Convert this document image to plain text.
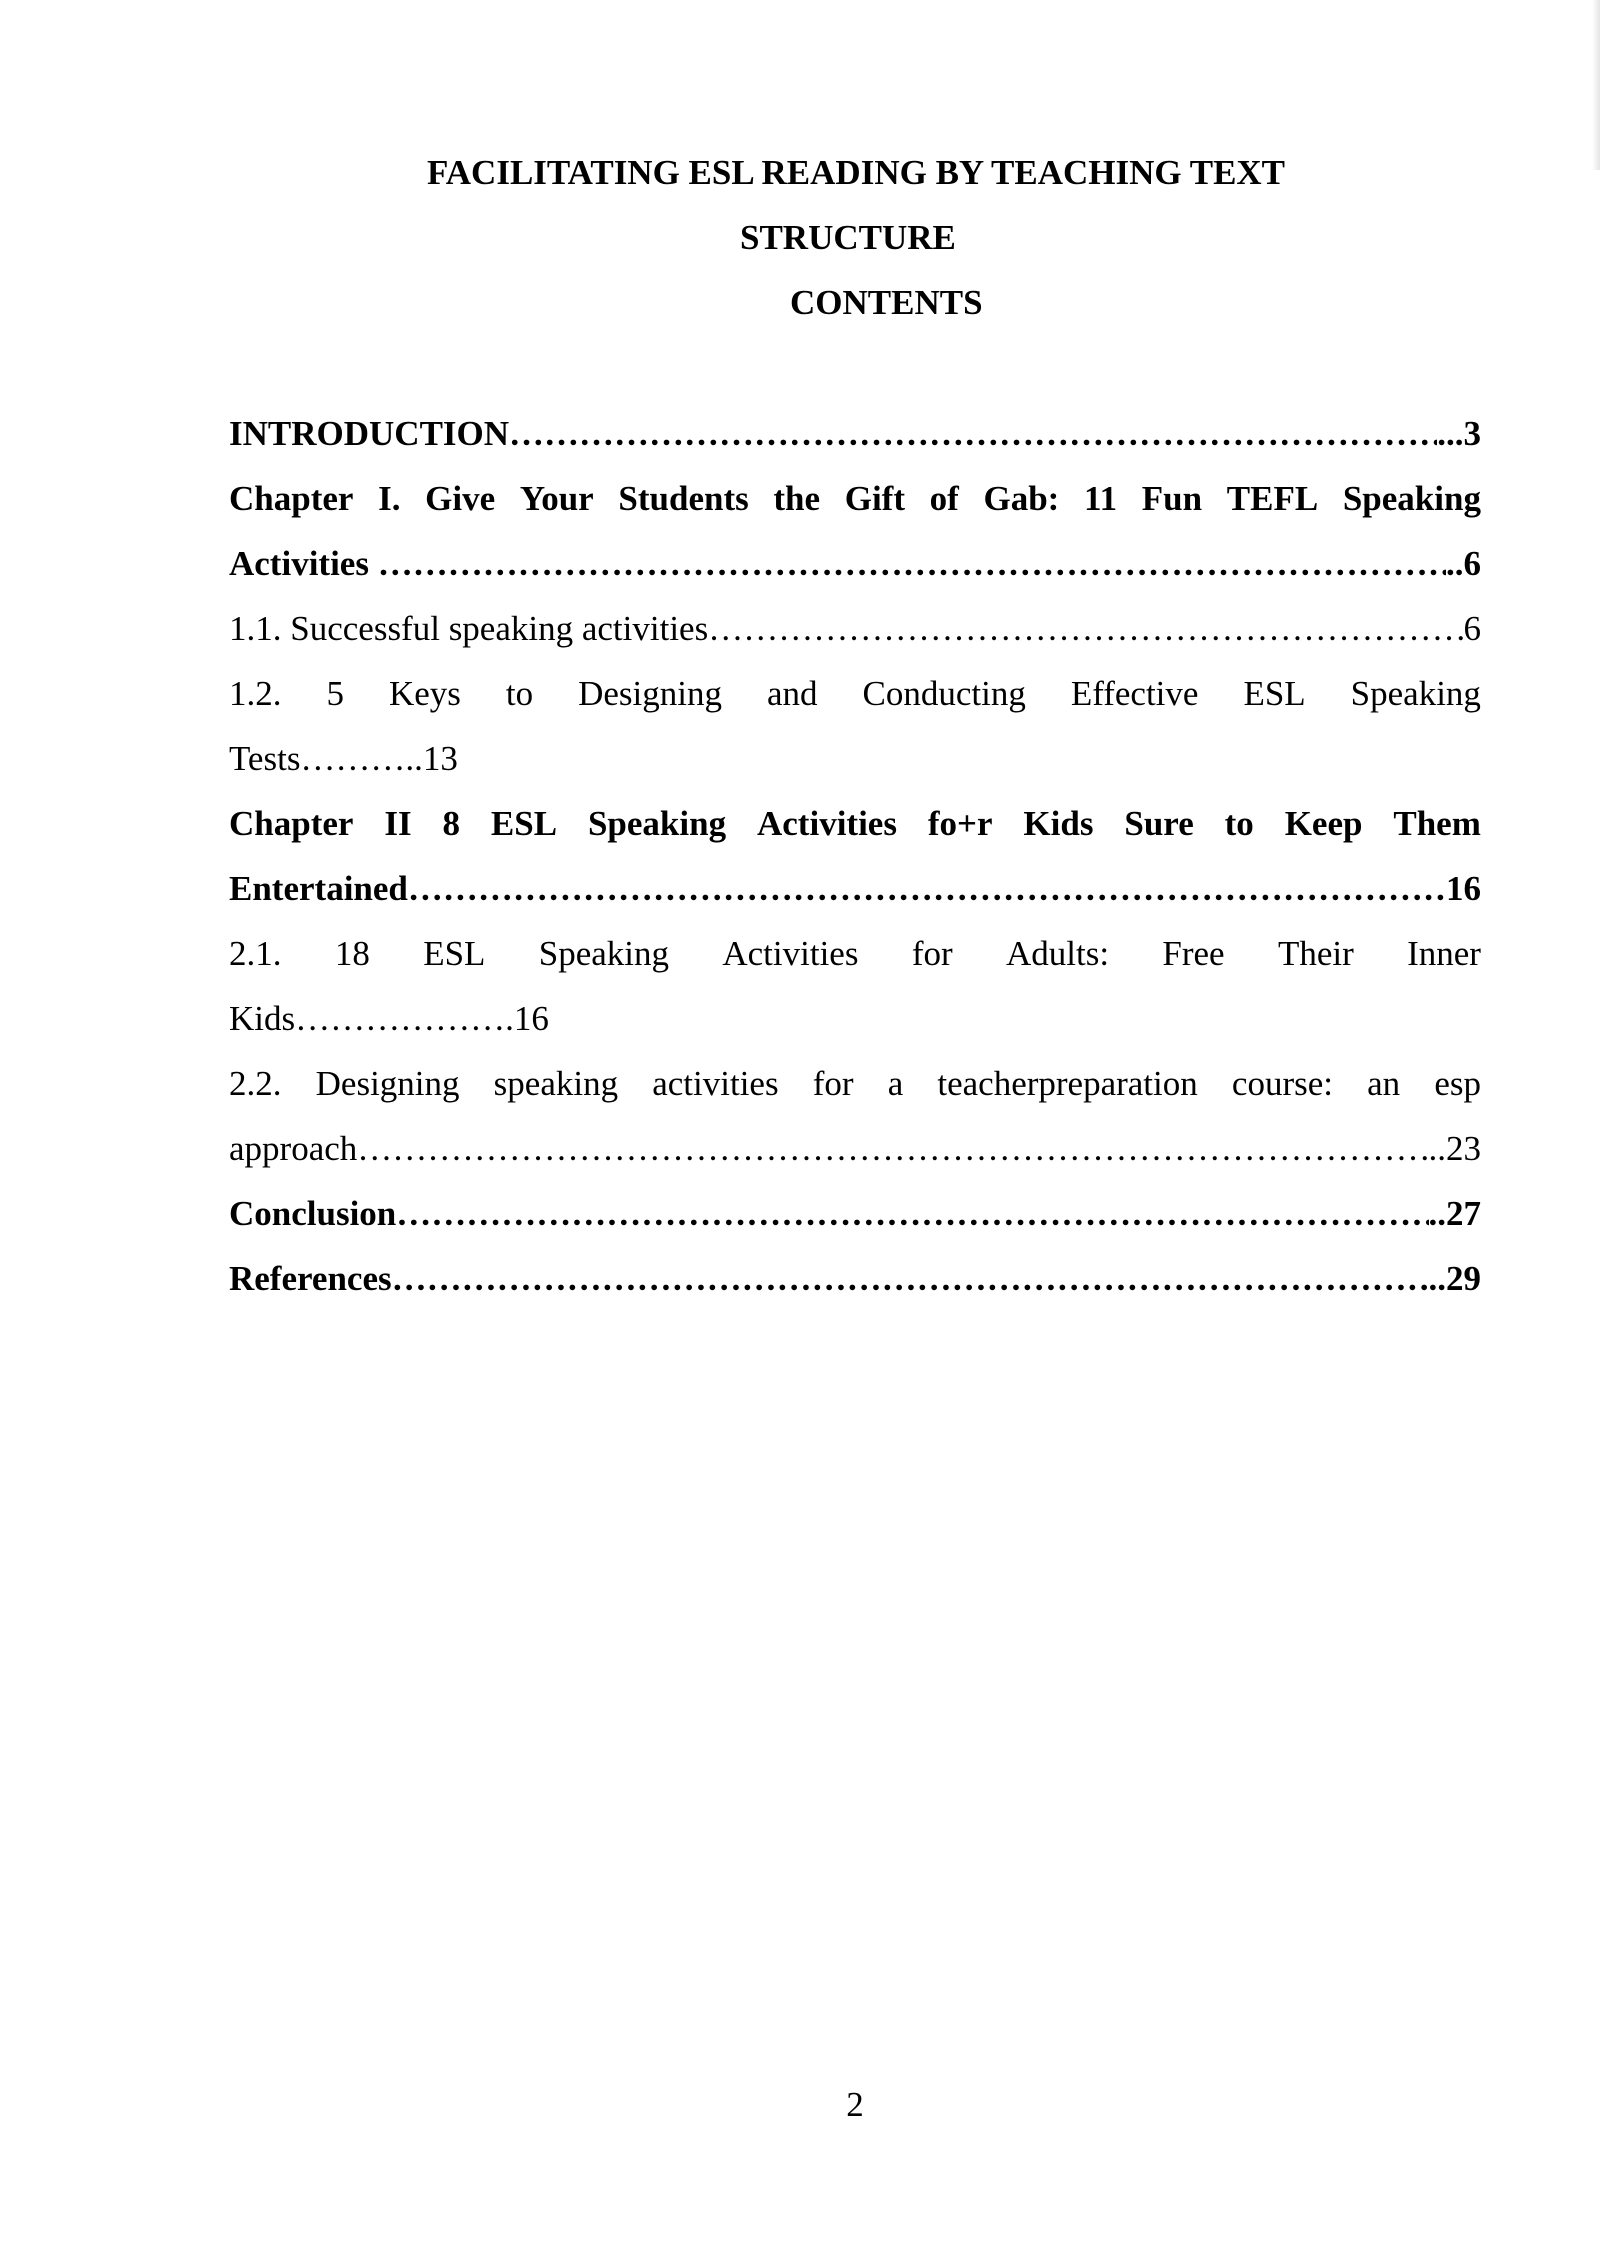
FACILITATING ESL READING BY TEACHING TEXT
STRUCTURE
CONTENTS
INTRODUCTION ……………………………………………………………………………………………………………………………………………………………………	...3
Chapter I. Give Your Students the Gift of Gab: 11 Fun TEFL Speaking
Activities ……………………………………………………………………………………………………………………………………………………………………	..6
1.1. Successful speaking activities ……………………………………………………………………………………………………………………………………………………………………	6
1.2. 5 Keys to Designing and Conducting Effective ESL Speaking
Tests………..13
Chapter II 8 ESL Speaking Activities fo+r Kids Sure to Keep Them
Entertained ……………………………………………………………………………………………………………………………………………………………………	16
2.1. 18 ESL Speaking Activities for Adults: Free Their Inner
Kids……………….16
2.2. Designing speaking activities for a teacherpreparation course: an esp
approach ……………………………………………………………………………………………………………………………………………………………………	..23
Conclusion ……………………………………………………………………………………………………………………………………………………………………	..27
References ……………………………………………………………………………………………………………………………………………………………………	..29
2
